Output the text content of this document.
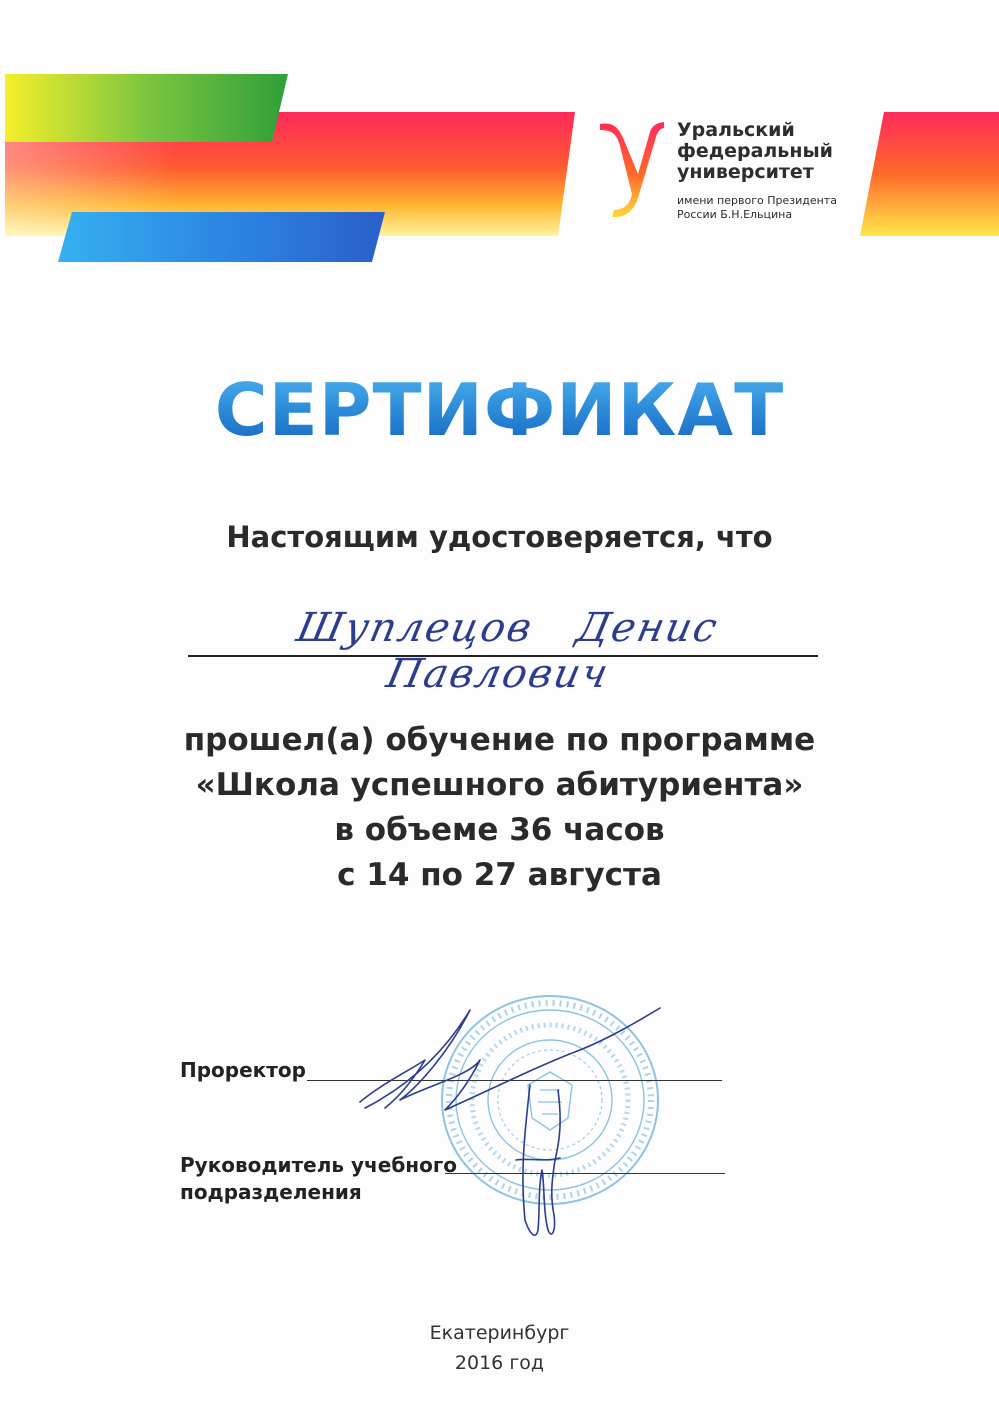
Уральский
федеральный
университет
имени первого Президента
России Б.Н.Ельцина
СЕРТИФИКАТ
Настоящим удостоверяется, что
Шуплецов Денис Павлович
прошел(а) обучение по программе
«Школа успешного абитуриента»
в объеме 36 часов
с 14 по 27 августа
Проректор
Руководитель учебного
подразделения
Екатеринбург
2016 год
